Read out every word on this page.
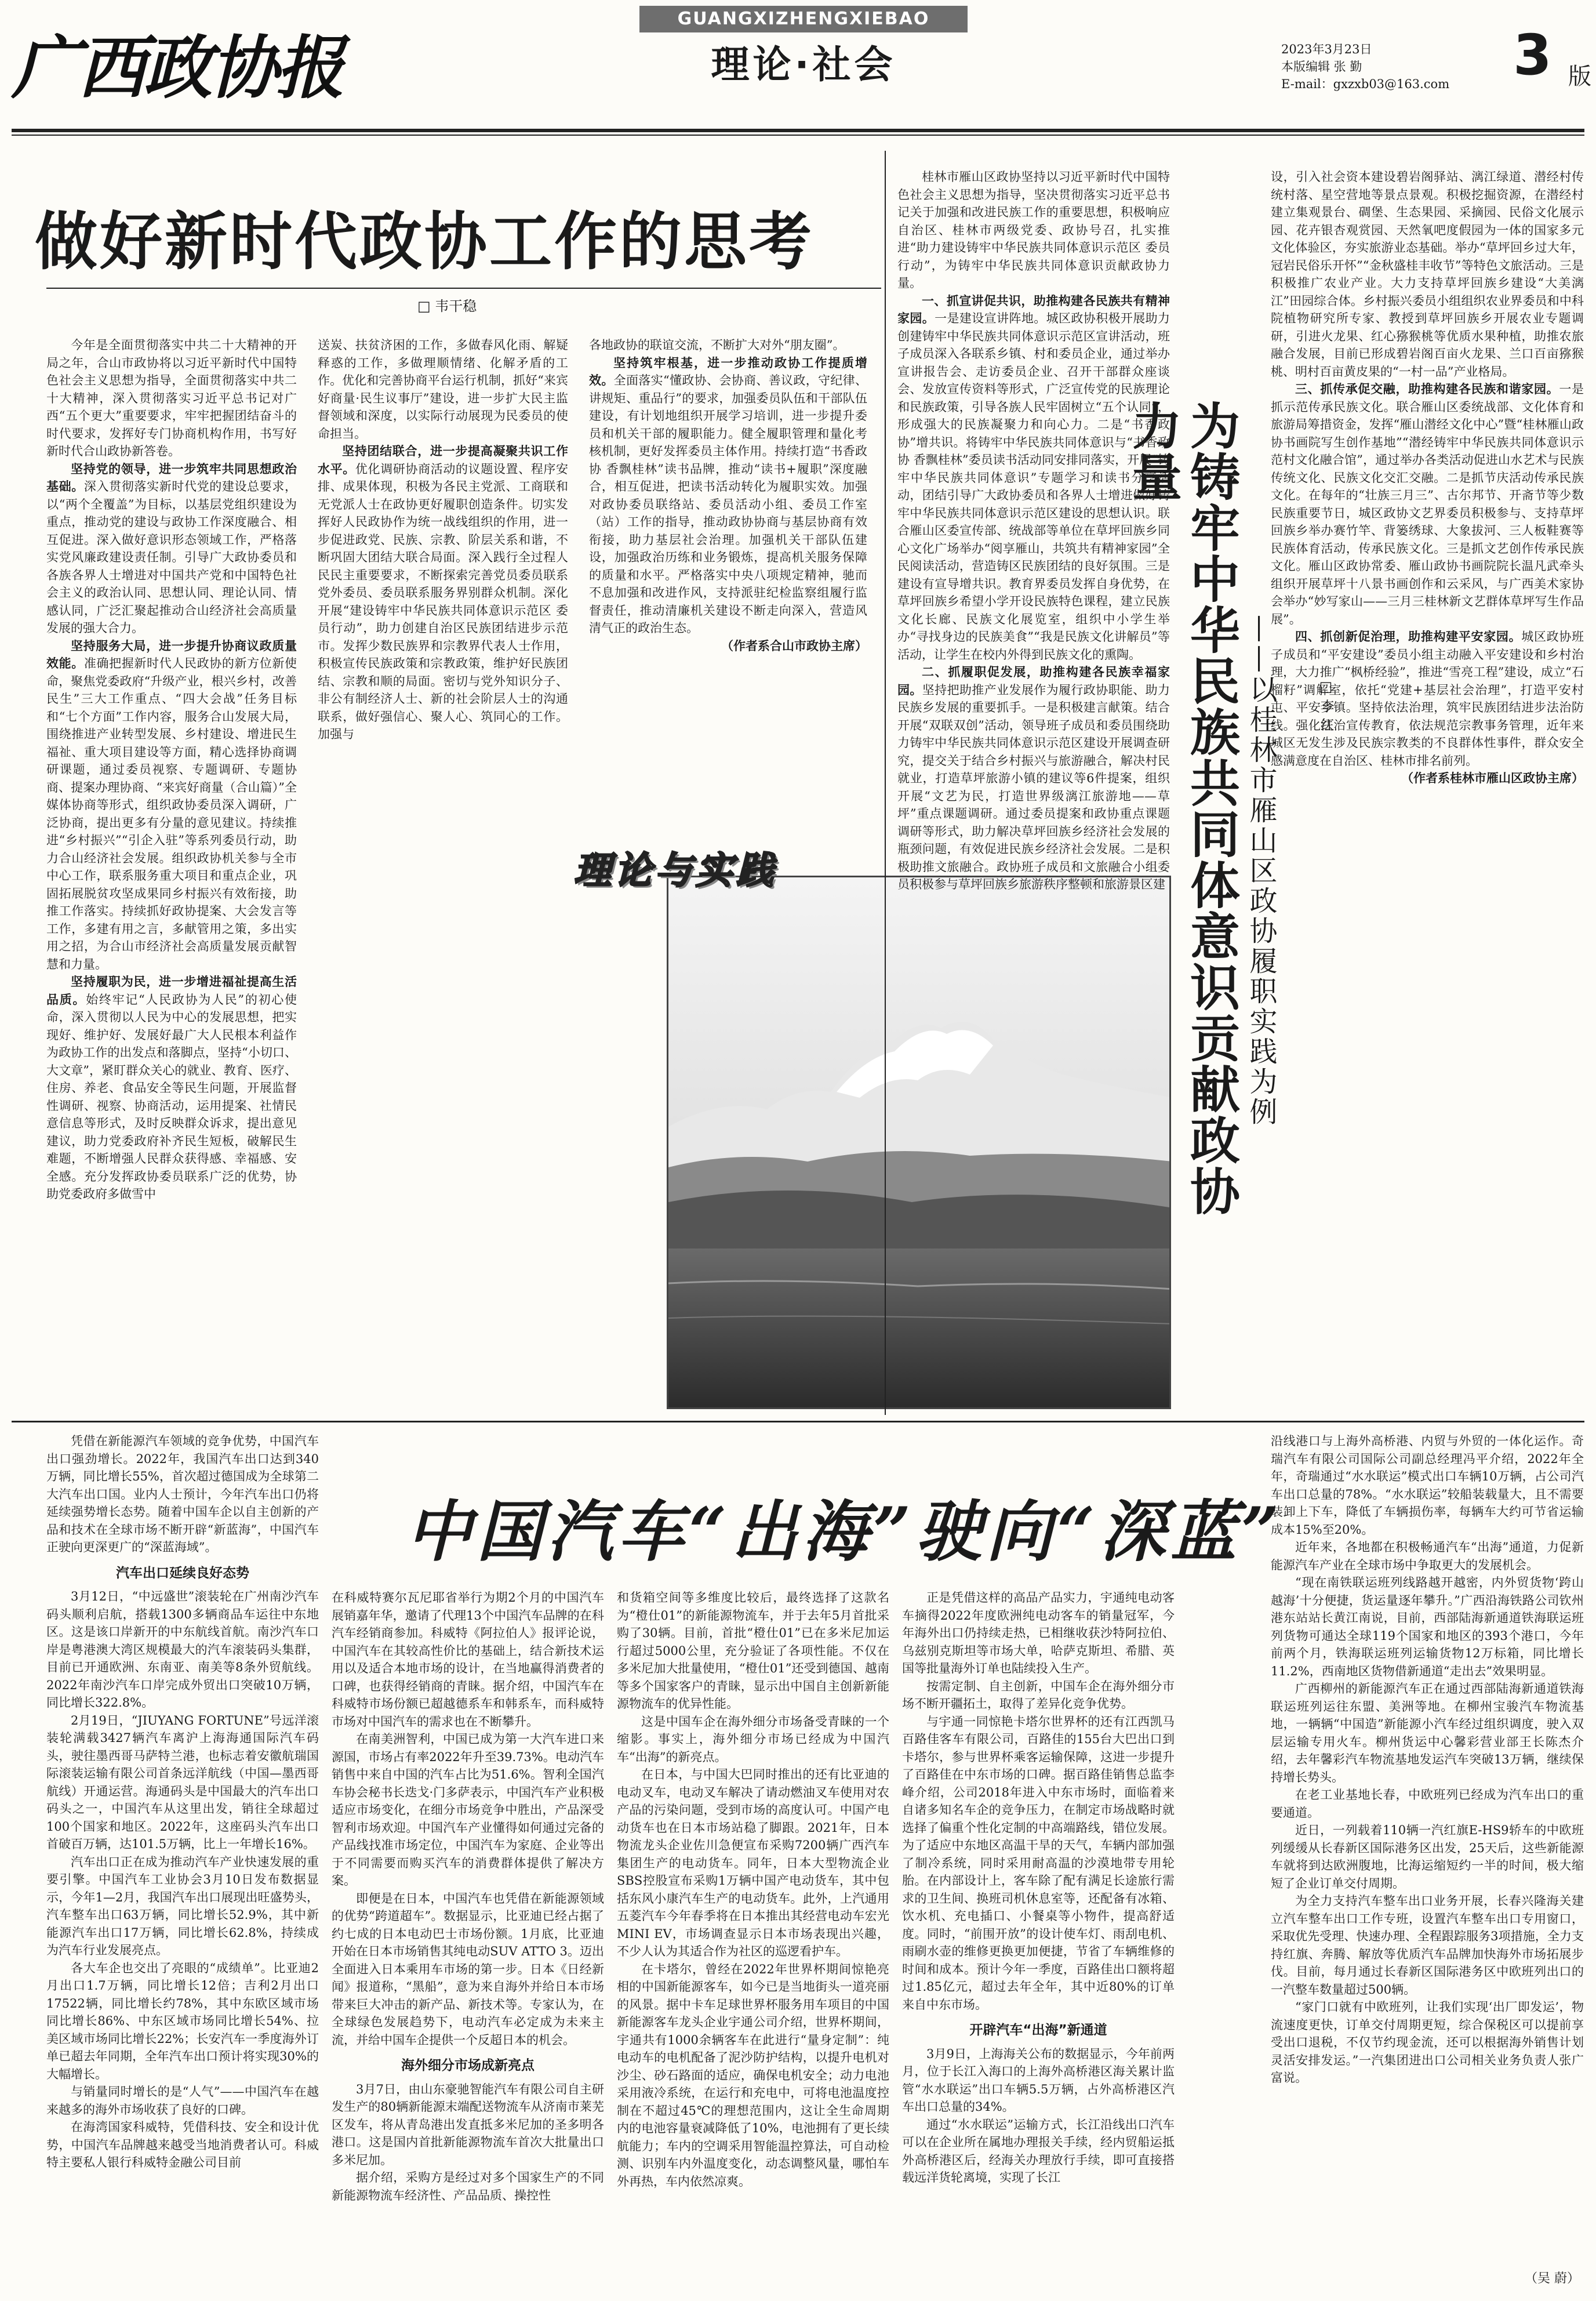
广西政协报
GUANGXIZHENGXIEBAO
理论·社会	2023年3月23日
本版编辑 张 勤
E-mail：gxzxb03@163.com	3 版
做好新时代政协工作的思考
□ 韦干稳

今年是全面贯彻落实中共二十大精神的开局之年，合山市政协将以习近平新时代中国特色社会主义思想为指导，全面贯彻落实中共二十大精神，深入贯彻落实习近平总书记对广西“五个更大”重要要求，牢牢把握团结奋斗的时代要求，发挥好专门协商机构作用，书写好新时代合山政协新答卷。

坚持党的领导，进一步筑牢共同思想政治基础。深入贯彻落实新时代党的建设总要求，以“两个全覆盖”为目标，以基层党组织建设为重点，推动党的建设与政协工作深度融合、相互促进。深入做好意识形态领域工作，严格落实党风廉政建设责任制。引导广大政协委员和各族各界人士增进对中国共产党和中国特色社会主义的政治认同、思想认同、理论认同、情感认同，广泛汇聚起推动合山经济社会高质量发展的强大合力。

坚持服务大局，进一步提升协商议政质量效能。准确把握新时代人民政协的新方位新使命，聚焦党委政府“升级产业，根兴乡村，改善民生”三大工作重点、“四大会战”任务目标和“七个方面”工作内容，服务合山发展大局，围绕推进产业转型发展、乡村建设、增进民生福祉、重大项目建设等方面，精心选择协商调研课题，通过委员视察、专题调研、专题协商、提案办理协商、“来宾好商量（合山篇）”全媒体协商等形式，组织政协委员深入调研，广泛协商，提出更多有分量的意见建议。持续推进“乡村振兴”“引企入驻”等系列委员行动，助力合山经济社会发展。组织政协机关参与全市中心工作，联系服务重大项目和重点企业，巩固拓展脱贫攻坚成果同乡村振兴有效衔接，助推工作落实。持续抓好政协提案、大会发言等工作，多建有用之言，多献管用之策，多出实用之招，为合山市经济社会高质量发展贡献智慧和力量。

坚持履职为民，进一步增进福祉提高生活品质。始终牢记“人民政协为人民”的初心使命，深入贯彻以人民为中心的发展思想，把实现好、维护好、发展好最广大人民根本利益作为政协工作的出发点和落脚点，坚持“小切口、大文章”，紧盯群众关心的就业、教育、医疗、住房、养老、食品安全等民生问题，开展监督性调研、视察、协商活动，运用提案、社情民意信息等形式，及时反映群众诉求，提出意见建议，助力党委政府补齐民生短板，破解民生难题，不断增强人民群众获得感、幸福感、安全感。充分发挥政协委员联系广泛的优势，协助党委政府多做雪中

送炭、扶贫济困的工作，多做春风化雨、解疑释惑的工作，多做理顺情绪、化解矛盾的工作。优化和完善协商平台运行机制，抓好“来宾好商量·民生议事厅”建设，进一步扩大民主监督领域和深度，以实际行动展现为民委员的使命担当。

坚持团结联合，进一步提高凝聚共识工作水平。优化调研协商活动的议题设置、程序安排、成果体现，积极为各民主党派、工商联和无党派人士在政协更好履职创造条件。切实发挥好人民政协作为统一战线组织的作用，进一步促进政党、民族、宗教、阶层关系和谐，不断巩固大团结大联合局面。深入践行全过程人民民主重要要求，不断探索完善党员委员联系党外委员、委员联系服务界别群众机制。深化开展“建设铸牢中华民族共同体意识示范区 委员行动”，助力创建自治区民族团结进步示范市。发挥少数民族界和宗教界代表人士作用，积极宣传民族政策和宗教政策，维护好民族团结、宗教和顺的局面。密切与党外知识分子、非公有制经济人士、新的社会阶层人士的沟通联系，做好强信心、聚人心、筑同心的工作。加强与

各地政协的联谊交流，不断扩大对外“朋友圈”。

坚持筑牢根基，进一步推动政协工作提质增效。全面落实“懂政协、会协商、善议政，守纪律、讲规矩、重品行”的要求，加强委员队伍和干部队伍建设，有计划地组织开展学习培训，进一步提升委员和机关干部的履职能力。健全履职管理和量化考核机制，更好发挥委员主体作用。持续打造“书香政协 香飘桂林”读书品牌，推动“读书+履职”深度融合，相互促进，把读书活动转化为履职实效。加强对政协委员联络站、委员活动小组、委员工作室（站）工作的指导，推动政协协商与基层协商有效衔接，助力基层社会治理。加强机关干部队伍建设，加强政治历练和业务锻炼，提高机关服务保障的质量和水平。严格落实中央八项规定精神，驰而不息加强和改进作风，支持派驻纪检监察组履行监督责任，推动清廉机关建设不断走向深入，营造风清气正的政治生态。

（作者系合山市政协主席）

理论与实践

桂林市雁山区政协坚持以习近平新时代中国特色社会主义思想为指导，坚决贯彻落实习近平总书记关于加强和改进民族工作的重要思想，积极响应自治区、桂林市两级党委、政协号召，扎实推进“助力建设铸牢中华民族共同体意识示范区 委员行动”，为铸牢中华民族共同体意识贡献政协力量。

一、抓宣讲促共识，助推构建各民族共有精神家园。一是建设宣讲阵地。城区政协积极开展助力创建铸牢中华民族共同体意识示范区宣讲活动，班子成员深入各联系乡镇、村和委员企业，通过举办宣讲报告会、走访委员企业、召开干部群众座谈会、发放宣传资料等形式，广泛宣传党的民族理论和民族政策，引导各族人民牢固树立“五个认同”，形成强大的民族凝聚力和向心力。二是“书香政协”增共识。将铸牢中华民族共同体意识与“书香政协 香飘桂林”委员读书活动同安排同落实，开展“铸牢中华民族共同体意识”专题学习和读书分享活动，团结引导广大政协委员和各界人士增进做好铸牢中华民族共同体意识示范区建设的思想认识。联合雁山区委宣传部、统战部等单位在草坪回族乡同心文化广场举办“阅享雁山，共筑共有精神家园”全民阅读活动，营造铸区民族团结的良好氛围。三是建设有宣导增共识。教育界委员发挥自身优势，在草坪回族乡希望小学开设民族特色课程，建立民族文化长廊、民族文化展览室，组织中小学生举办“寻找身边的民族美食”“我是民族文化讲解员”等活动，让学生在校内外得到民族文化的熏陶。

二、抓履职促发展，助推构建各民族幸福家园。坚持把助推产业发展作为履行政协职能、助力民族乡发展的重要抓手。一是积极建言献策。结合开展“双联双创”活动，领导班子成员和委员围绕助力铸牢中华民族共同体意识示范区建设开展调查研究，提交关于结合乡村振兴与旅游融合，解决村民就业，打造草坪旅游小镇的建议等6件提案，组织开展“文艺为民，打造世界级漓江旅游地——草坪”重点课题调研。通过委员提案和政协重点课题调研等形式，助力解决草坪回族乡经济社会发展的瓶颈问题，有效促进民族乡经济社会发展。二是积极助推文旅融合。政协班子成员和文旅融合小组委员积极参与草坪回族乡旅游秩序整顿和旅游景区建 为铸牢中华民族共同体意识贡献政协力量
——以桂林市雁山区政协履职实践为例	□ 李 红

设，引入社会资本建设碧岩阁驿站、漓江绿道、潜经村传统村落、星空营地等景点景观。积极挖掘资源，在潜经村建立集观景台、碉堡、生态果园、采摘园、民俗文化展示园、花卉银杏观赏园、天然氧吧度假园为一体的国家多元文化体验区，夯实旅游业态基础。举办“草坪回乡过大年，冠岩民俗乐开怀”“金秋盛桂丰收节”等特色文旅活动。三是积极推广农业产业。大力支持草坪回族乡建设“大美漓江”田园综合体。乡村振兴委员小组组织农业界委员和中科院植物研究所专家、教授到草坪回族乡开展农业专题调研，引进火龙果、红心猕猴桃等优质水果种植，助推农旅融合发展，目前已形成碧岩阁百亩火龙果、兰口百亩猕猴桃、明村百亩黄皮果的“一村一品”产业格局。

三、抓传承促交融，助推构建各民族和谐家园。一是抓示范传承民族文化。联合雁山区委统战部、文化体育和旅游局筹措资金，发挥“雁山潜经文化中心”暨“桂林雁山政协书画院写生创作基地”“潜经铸牢中华民族共同体意识示范村文化融合馆”，通过举办各类活动促进山水艺术与民族传统文化、民族文化交汇交融。二是抓节庆活动传承民族文化。在每年的“壮族三月三”、古尔邦节、开斋节等少数民族重要节日，城区政协文艺界委员积极参与、支持草坪回族乡举办赛竹竿、背篓绣球、大象拔河、三人板鞋赛等民族体育活动，传承民族文化。三是抓文艺创作传承民族文化。雁山区政协常委、雁山政协书画院院长温凡武牵头组织开展草坪十八景书画创作和云采风，与广西美术家协会举办“妙写家山——三月三桂林新文艺群体草坪写生作品展”。

四、抓创新促治理，助推构建平安家园。城区政协班子成员和“平安建设”委员小组主动融入平安建设和乡村治理，大力推广“枫桥经验”，推进“雪亮工程”建设，成立“石榴籽”调解室，依托“党建+基层社会治理”，打造平安村屯、平安乡镇。坚持依法治理，筑牢民族团结进步法治防线。强化法治宣传教育，依法规范宗教事务管理，近年来城区无发生涉及民族宗教类的不良群体性事件，群众安全感满意度在自治区、桂林市排名前列。

（作者系桂林市雁山区政协主席）

中国汽车“出海”驶向“深蓝”

凭借在新能源汽车领域的竞争优势，中国汽车出口强劲增长。2022年，我国汽车出口达到340万辆，同比增长55%，首次超过德国成为全球第二大汽车出口国。业内人士预计，今年汽车出口仍将延续强势增长态势。随着中国车企以自主创新的产品和技术在全球市场不断开辟“新蓝海”，中国汽车正驶向更深更广的“深蓝海域”。

汽车出口延续良好态势

3月12日，“中远盛世”滚装轮在广州南沙汽车码头顺利启航，搭载1300多辆商品车运往中东地区。这是该口岸新开的中东航线首航。南沙汽车口岸是粤港澳大湾区规模最大的汽车滚装码头集群，目前已开通欧洲、东南亚、南美等8条外贸航线。2022年南沙汽车口岸完成外贸出口突破10万辆，同比增长322.8%。

2月19日，“JIUYANG FORTUNE”号远洋滚装轮满载3427辆汽车离沪上海海通国际汽车码头，驶往墨西哥马萨特兰港，也标志着安徽航瑞国际滚装运输有限公司首条远洋航线（中国—墨西哥航线）开通运营。海通码头是中国最大的汽车出口码头之一，中国汽车从这里出发，销往全球超过100个国家和地区。2022年，这座码头汽车出口首破百万辆，达101.5万辆，比上一年增长16%。

汽车出口正在成为推动汽车产业快速发展的重要引擎。中国汽车工业协会3月10日发布数据显示，今年1—2月，我国汽车出口展现出旺盛势头，汽车整车出口63万辆，同比增长52.9%，其中新能源汽车出口17万辆，同比增长62.8%，持续成为汽车行业发展亮点。

各大车企也交出了亮眼的“成绩单”。比亚迪2月出口1.7万辆，同比增长12倍；吉利2月出口17522辆，同比增长约78%，其中东欧区域市场同比增长86%、中东区域市场同比增长54%、拉美区域市场同比增长22%；长安汽车一季度海外订单已超去年同期，全年汽车出口预计将实现30%的大幅增长。

与销量同时增长的是“人气”——中国汽车在越来越多的海外市场收获了良好的口碑。

在海湾国家科威特，凭借科技、安全和设计优势，中国汽车品牌越来越受当地消费者认可。科威特主要私人银行科威特金融公司目前

在科威特赛尔瓦尼耶省举行为期2个月的中国汽车展销嘉年华，邀请了代理13个中国汽车品牌的在科汽车经销商参加。科威特《阿拉伯人》报评论说，中国汽车在其较高性价比的基础上，结合新技术运用以及适合本地市场的设计，在当地赢得消费者的口碑，也获得经销商的青睐。据介绍，中国汽车在科威特市场份额已超越德系车和韩系车，而科威特市场对中国汽车的需求也在不断攀升。

在南美洲智利，中国已成为第一大汽车进口来源国，市场占有率2022年升至39.73%。电动汽车销售中来自中国的汽车占比为51.6%。智利全国汽车协会秘书长迭戈·门多萨表示，中国汽车产业积极适应市场变化，在细分市场竞争中胜出，产品深受智利市场欢迎。中国汽车产业懂得如何通过完备的产品线找准市场定位，中国汽车为家庭、企业等出于不同需要而购买汽车的消费群体提供了解决方案。

即便是在日本，中国汽车也凭借在新能源领域的优势“跨道超车”。数据显示，比亚迪已经占据了约七成的日本电动巴士市场份额。1月底，比亚迪开始在日本市场销售其纯电动SUV ATTO 3。迈出全面进入日本乘用车市场的第一步。日本《日经新闻》报道称，“黑船”，意为来自海外并给日本市场带来巨大冲击的新产品、新技术等。专家认为，在全球绿色发展趋势下，电动汽车必定成为未来主流，并给中国车企提供一个反超日本的机会。

海外细分市场成新亮点

3月7日，由山东豪驰智能汽车有限公司自主研发生产的80辆新能源末端配送物流车从济南市莱芜区发车，将从青岛港出发直抵多米尼加的圣多明各港口。这是国内首批新能源物流车首次大批量出口多米尼加。

据介绍，采购方是经过对多个国家生产的不同新能源物流车经济性、产品品质、操控性

和货箱空间等多维度比较后，最终选择了这款名为“橙仕01”的新能源物流车，并于去年5月首批采购了30辆。目前，首批“橙仕01”已在多米尼加运行超过5000公里，充分验证了各项性能。不仅在多米尼加大批量使用，“橙仕01”还受到德国、越南等多个国家客户的青睐，显示出中国自主创新新能源物流车的优异性能。

这是中国车企在海外细分市场备受青睐的一个缩影。事实上，海外细分市场已经成为中国汽车“出海”的新亮点。

在日本，与中国大巴同时推出的还有比亚迪的电动叉车，电动叉车解决了请动燃油叉车使用对农产品的污染问题，受到市场的高度认可。中国产电动货车也在日本市场站稳了脚跟。2021年，日本物流龙头企业佐川急便宣布采购7200辆广西汽车集团生产的电动货车。同年，日本大型物流企业SBS控股宣布采购1万辆中国产电动货车，其中包括东风小康汽车生产的电动货车。此外，上汽通用五菱汽车今年春季将在日本推出其经营电动车宏光MINI EV，市场调查显示日本市场表现出兴趣，不少人认为其适合作为社区的巡逻看护车。

在卡塔尔，曾经在2022年世界杯期间惊艳亮相的中国新能源客车，如今已是当地街头一道亮丽的风景。据中卡车足球世界杯服务用车项目的中国新能源客车龙头企业宇通公司介绍，世界杯期间，宇通共有1000余辆客车在此进行“量身定制”：纯电动车的电机配备了泥沙防护结构，以提升电机对沙尘、砂石路面的适应，确保电机安全；动力电池采用液冷系统，在运行和充电中，可将电池温度控制在不超过45℃的理想范围内，这让全生命周期内的电池容量衰减降低了10%，电池拥有了更长续航能力；车内的空调采用智能温控算法，可自动检测、识别车内外温度变化，动态调整风量，哪怕车外再热，车内依然凉爽。

正是凭借这样的高品产品实力，宇通纯电动客车摘得2022年度欧洲纯电动客车的销量冠军，今年海外出口仍持续走热，已相继收获沙特阿拉伯、乌兹别克斯坦等市场大单，哈萨克斯坦、希腊、英国等批量海外订单也陆续投入生产。

按需定制、自主创新，中国车企在海外细分市场不断开疆拓土，取得了差异化竞争优势。

与宇通一同惊艳卡塔尔世界杯的还有江西凯马百路佳客车有限公司，百路佳的155台大巴出口到卡塔尔，参与世界杯乘客运输保障，这进一步提升了百路佳在中东市场的口碑。据百路佳销售总监李峰介绍，公司2018年进入中东市场时，面临着来自诸多知名车企的竞争压力，在制定市场战略时就选择了偏重个性化定制的中高端路线，错位发展。为了适应中东地区高温干旱的天气，车辆内部加强了制冷系统，同时采用耐高温的沙漠地带专用轮胎。在内部设计上，客车除了配有满足长途旅行需求的卫生间、换班司机休息室等，还配备有冰箱、饮水机、充电插口、小餐桌等小物件，提高舒适度。同时，“前围开放”的设计使车灯、雨刮电机、雨刷水壶的维修更换更加便捷，节省了车辆维修的时间和成本。预计今年一季度，百路佳出口额将超过1.85亿元，超过去年全年，其中近80%的订单来自中东市场。

开辟汽车“出海”新通道

3月9日，上海海关公布的数据显示，今年前两月，位于长江入海口的上海外高桥港区海关累计监管“水水联运”出口车辆5.5万辆，占外高桥港区汽车出口总量的34%。

通过“水水联运”运输方式，长江沿线出口汽车可以在企业所在属地办理报关手续，经内贸船运抵外高桥港区后，经海关办理放行手续，即可直接搭载远洋货轮离境，实现了长江

沿线港口与上海外高桥港、内贸与外贸的一体化运作。奇瑞汽车有限公司国际公司副总经理冯平介绍，2022年全年，奇瑞通过“水水联运”模式出口车辆10万辆，占公司汽车出口总量的78%。“水水联运”较船装载量大，且不需要装卸上下车，降低了车辆损伤率，每辆车大约可节省运输成本15%至20%。

近年来，各地都在积极畅通汽车“出海”通道，力促新能源汽车产业在全球市场中争取更大的发展机会。

“现在南铁联运班列线路越开越密，内外贸货物‘跨山越海’十分便捷，货运量逐年攀升。”广西沿海铁路公司钦州港东站站长黄江南说，目前，西部陆海新通道铁海联运班列货物可通达全球119个国家和地区的393个港口，今年前两个月，铁海联运班列运输货物12万标箱，同比增长11.2%，西南地区货物借新通道“走出去”效果明显。

广西柳州的新能源汽车正在通过西部陆海新通道铁海联运班列运往东盟、美洲等地。在柳州宝骏汽车物流基地，一辆辆“中国造”新能源小汽车经过组织调度，驶入双层运输专用火车。柳州货运中心馨彩营业部王长陈杰介绍，去年馨彩汽车物流基地发运汽车突破13万辆，继续保持增长势头。

在老工业基地长春，中欧班列已经成为汽车出口的重要通道。

近日，一列载着110辆一汽红旗E-HS9轿车的中欧班列缓缓从长春新区国际港务区出发，25天后，这些新能源车就将到达欧洲腹地，比海运缩短约一半的时间，极大缩短了企业订单交付周期。

为全力支持汽车整车出口业务开展，长春兴隆海关建立汽车整车出口工作专班，设置汽车整车出口专用窗口，采取优先受理、快速办理、全程跟踪服务3项措施，全力支持红旗、奔腾、解放等优质汽车品牌加快海外市场拓展步伐。目前，每月通过长春新区国际港务区中欧班列出口的一汽整车数量超过500辆。

“家门口就有中欧班列，让我们实现‘出厂即发运’，物流速度更快，订单交付周期更短，综合保税区可以提前享受出口退税，不仅节约现金流，还可以根据海外销售计划灵活安排发运。”一汽集团进出口公司相关业务负责人张广富说。

（吴 蔚）
